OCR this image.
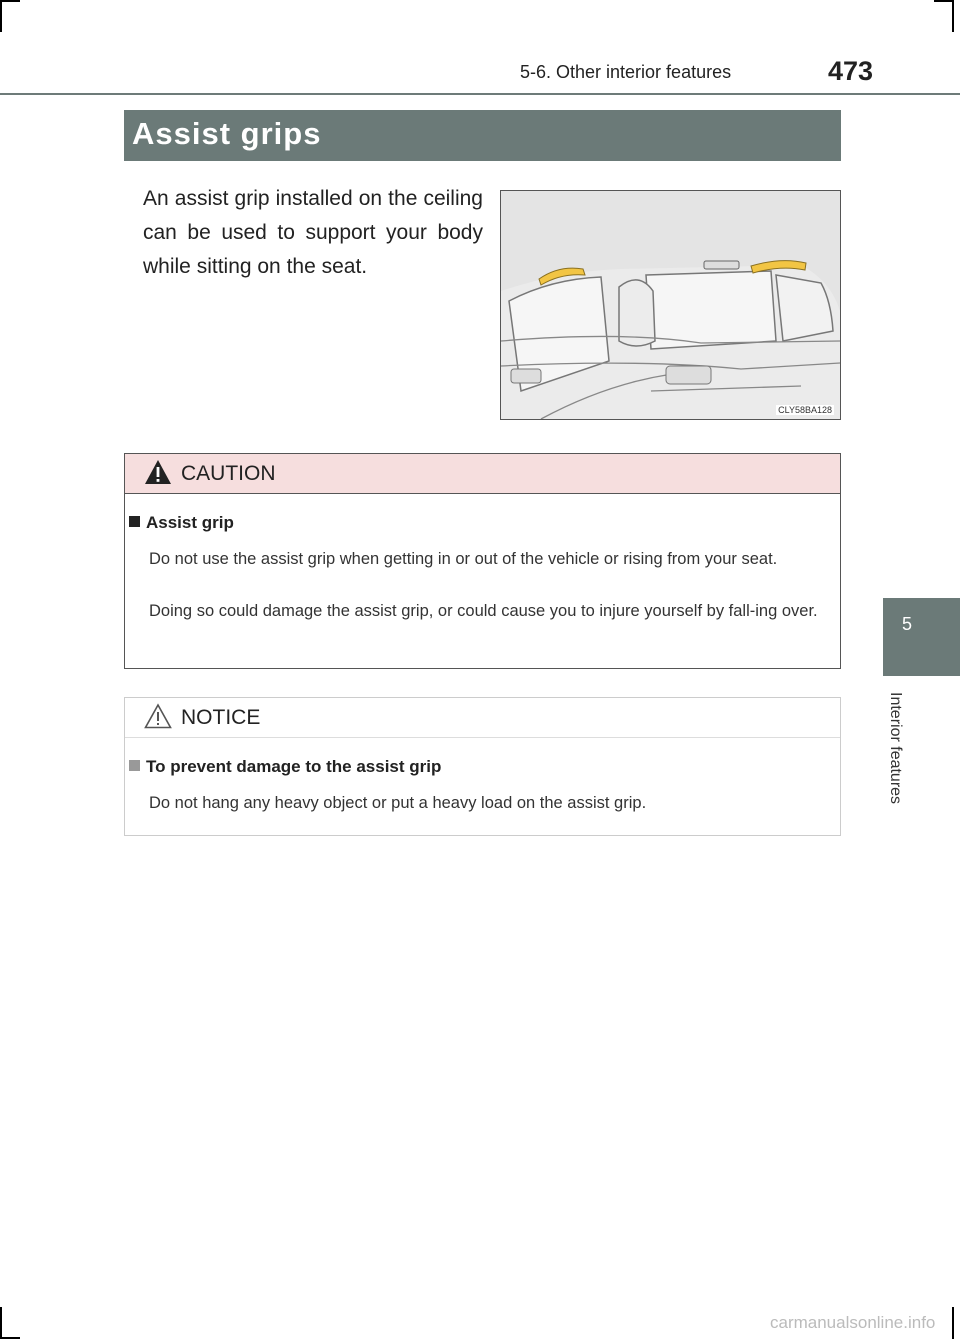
5-6. Other interior features	473
5
Interior features
Assist grips
An assist grip installed on the ceiling can be used to support your body while sitting on the seat.
CLY58BA128
CAUTION
Assist grip
Do not use the assist grip when getting in or out of the vehicle or rising from your seat.
Doing so could damage the assist grip, or could cause you to injure yourself by fall-ing over.
NOTICE
To prevent damage to the assist grip
Do not hang any heavy object or put a heavy load on the assist grip.
carmanualsonline.info
